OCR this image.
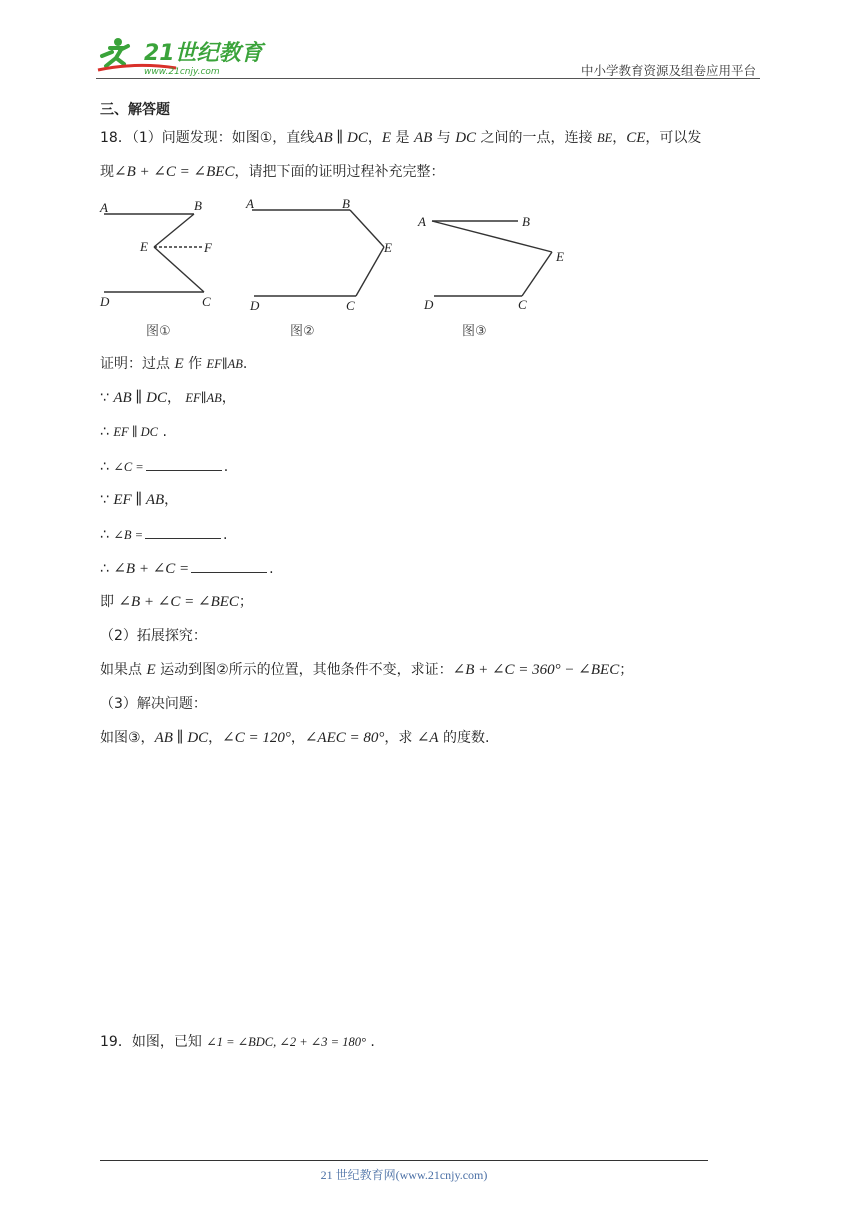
21世纪教育
www.21cnjy.com	中小学教育资源及组卷应用平台
三、解答题
18．（1）问题发现：如图①，直线AB ∥ DC，E 是 AB 与 DC 之间的一点，连接 BE，CE，可以发
现∠B + ∠C = ∠BEC，请把下面的证明过程补充完整：
A	B
E	F
D	C
图①
A	B
E
D	C
图②
A	B
E
D	C
图③
证明：过点 E 作 EF∥AB.
∵ AB ∥ DC， EF∥AB，
∴ EF ∥ DC .
∴ ∠C =	.
∵ EF ∥ AB，
∴ ∠B =	.
∴ ∠B + ∠C =	.
即 ∠B + ∠C = ∠BEC；
（2）拓展探究：
如果点 E 运动到图②所示的位置，其他条件不变，求证：∠B + ∠C = 360° − ∠BEC；
（3）解决问题：
如图③，AB ∥ DC，∠C = 120°，∠AEC = 80°，求 ∠A 的度数.
19．如图，已知 ∠1 = ∠BDC, ∠2 + ∠3 = 180° .
21 世纪教育网(www.21cnjy.com)
